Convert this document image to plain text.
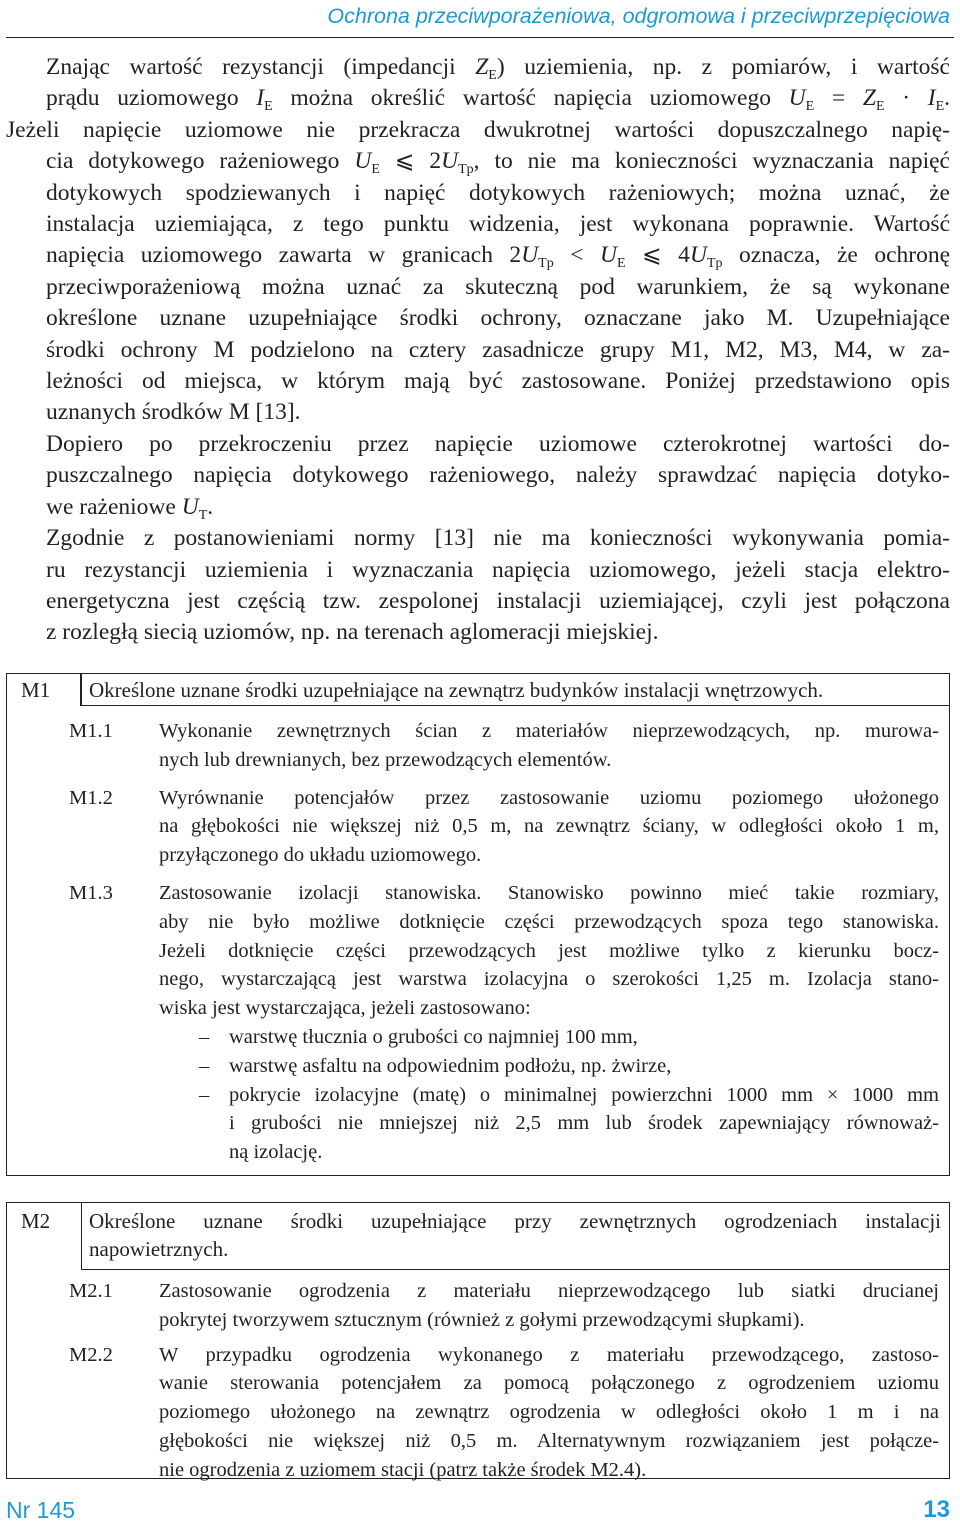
Ochrona przeciwporażeniowa, odgromowa i przeciwprzepięciowa

Znając wartość rezystancji (impedancji $Z_E$) uziemienia, np. z pomiarów, i wartość
prądu uziomowego $I_E$ można określić wartość napięcia uziomowego $U_E = Z_E \cdot I_E$.
Jeżeli napięcie uziomowe nie przekracza dwukrotnej wartości dopuszczalnego napię-
cia dotykowego rażeniowego $U_E$ ⩽ $2U_{Tp}$, to nie ma konieczności wyznaczania napięć
dotykowych spodziewanych i napięć dotykowych rażeniowych; można uznać, że
instalacja uziemiająca, z tego punktu widzenia, jest wykonana poprawnie. Wartość
napięcia uziomowego zawarta w granicach $2U_{Tp} < U_E$ ⩽ $4U_{Tp}$ oznacza, że ochronę
przeciwporażeniową można uznać za skuteczną pod warunkiem, że są wykonane
określone uznane uzupełniające środki ochrony, oznaczane jako M. Uzupełniające
środki ochrony M podzielono na cztery zasadnicze grupy M1, M2, M3, M4, w za-
leżności od miejsca, w którym mają być zastosowane. Poniżej przedstawiono opis
uznanych środków M [13].

Dopiero po przekroczeniu przez napięcie uziomowe czterokrotnej wartości do-
puszczalnego napięcia dotykowego rażeniowego, należy sprawdzać napięcia dotyko-
we rażeniowe $U_T$.

Zgodnie z postanowieniami normy [13] nie ma konieczności wykonywania pomia-
ru rezystancji uziemienia i wyznaczania napięcia uziomowego, jeżeli stacja elektro-
energetyczna jest częścią tzw. zespolonej instalacji uziemiającej, czyli jest połączona
z rozległą siecią uziomów, np. na terenach aglomeracji miejskiej.

M1	Określone uznane środki uzupełniające na zewnątrz budynków instalacji wnętrzowych.
M1.1	Wykonanie zewnętrznych ścian z materiałów nieprzewodzących, np. murowa-
nych lub drewnianych, bez przewodzących elementów.
M1.2	Wyrównanie potencjałów przez zastosowanie uziomu poziomego ułożonego
na głębokości nie większej niż 0,5 m, na zewnątrz ściany, w odległości około 1 m,
przyłączonego do układu uziomowego.
M1.3	Zastosowanie izolacji stanowiska. Stanowisko powinno mieć takie rozmiary,
aby nie było możliwe dotknięcie części przewodzących spoza tego stanowiska.
Jeżeli dotknięcie części przewodzących jest możliwe tylko z kierunku bocz-
nego, wystarczającą jest warstwa izolacyjna o szerokości 1,25 m. Izolacja stano-
wiska jest wystarczająca, jeżeli zastosowano:
– warstwę tłucznia o grubości co najmniej 100 mm,
– warstwę asfaltu na odpowiednim podłożu, np. żwirze,
– pokrycie izolacyjne (matę) o minimalnej powierzchni 1000 mm × 1000 mm
i grubości nie mniejszej niż 2,5 mm lub środek zapewniający równoważ-
ną izolację.
M2	Określone uznane środki uzupełniające przy zewnętrznych ogrodzeniach instalacji
napowietrznych.
M2.1	Zastosowanie ogrodzenia z materiału nieprzewodzącego lub siatki drucianej
pokrytej tworzywem sztucznym (również z gołymi przewodzącymi słupkami).
M2.2	W przypadku ogrodzenia wykonanego z materiału przewodzącego, zastoso-
wanie sterowania potencjałem za pomocą połączonego z ogrodzeniem uziomu
poziomego ułożonego na zewnątrz ogrodzenia w odległości około 1 m i na
głębokości nie większej niż 0,5 m. Alternatywnym rozwiązaniem jest połącze-
nie ogrodzenia z uziomem stacji (patrz także środek M2.4).
Nr 145	13
